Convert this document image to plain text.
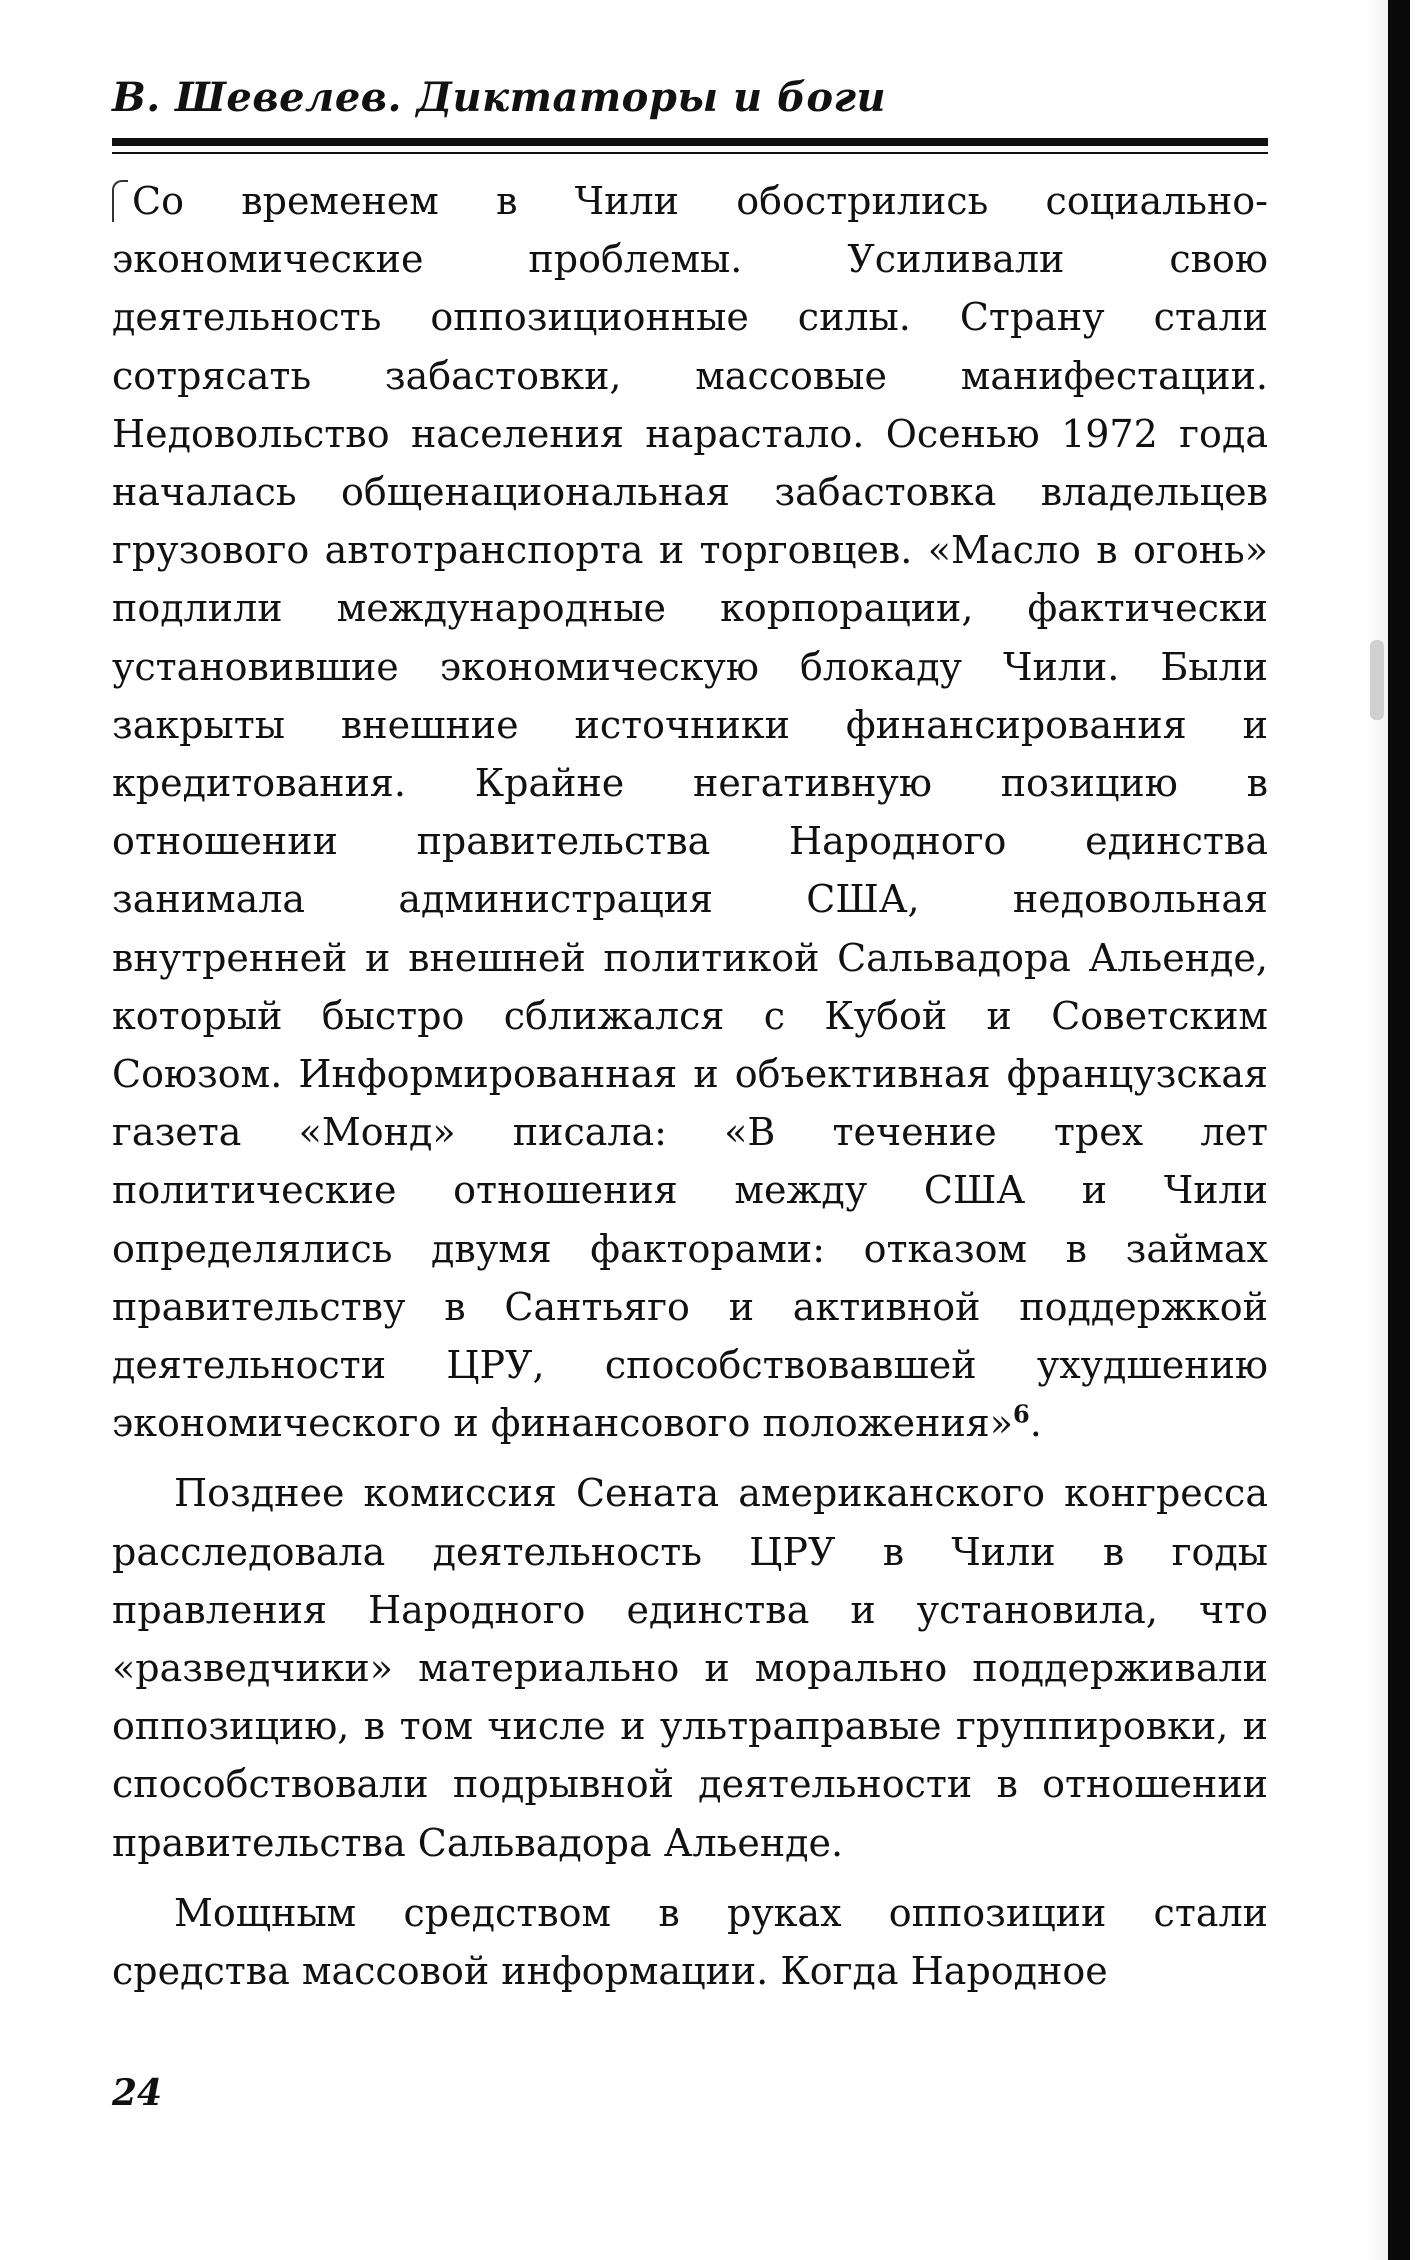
В. Шевелев. Диктаторы и боги

Со временем в Чили обострились социально-экономические проблемы. Усиливали свою деятельность оппозиционные силы. Страну стали сотрясать забастовки, массовые манифестации. Недовольство населения нарастало. Осенью 1972 года началась общенациональная забастовка владельцев грузового автотранспорта и торговцев. «Масло в огонь» подлили международные корпорации, фактически установившие экономическую блокаду Чили. Были закрыты внешние источники финансирования и кредитования. Крайне негативную позицию в отношении правительства Народного единства занимала администрация США, недовольная внутренней и внешней политикой Сальвадора Альенде, который быстро сближался с Кубой и Советским Союзом. Информированная и объективная французская газета «Монд» писала: «В течение трех лет политические отношения между США и Чили определялись двумя факторами: отказом в займах правительству в Сантьяго и активной поддержкой деятельности ЦРУ, способствовавшей ухудшению экономического и финансового положения»$^6$.

Позднее комиссия Сената американского конгресса расследовала деятельность ЦРУ в Чили в годы правления Народного единства и установила, что «разведчики» материально и морально поддерживали оппозицию, в том числе и ультраправые группировки, и способствовали подрывной деятельности в отношении правительства Сальвадора Альенде.

Мощным средством в руках оппозиции стали средства массовой информации. Когда Народное

24
